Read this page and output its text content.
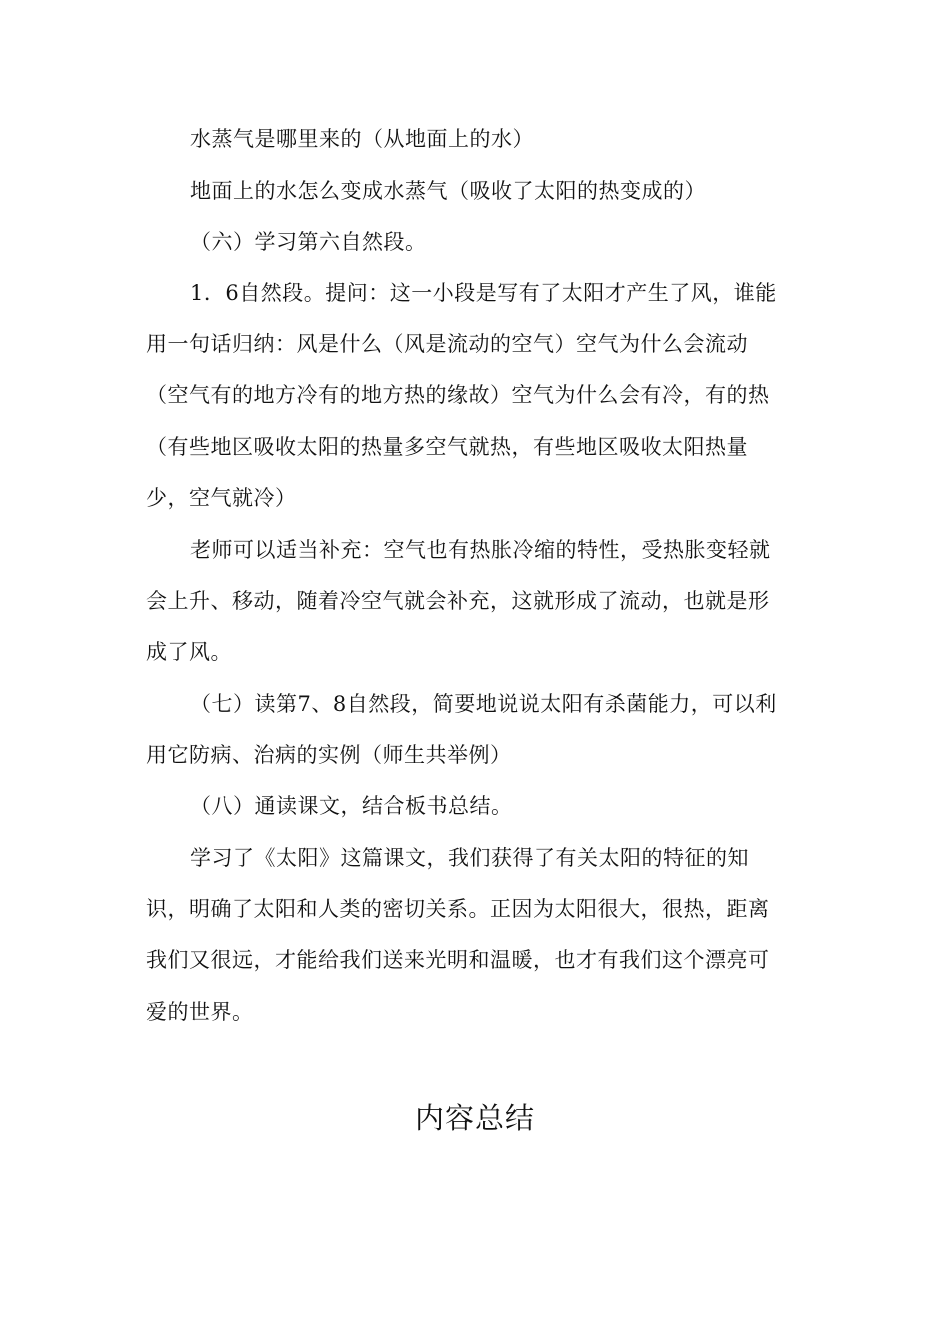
水蒸气是哪里来的（从地面上的水）
地面上的水怎么变成水蒸气（吸收了太阳的热变成的）
（六）学习第六自然段。
1．6自然段。提问：这一小段是写有了太阳才产生了风，谁能
用一句话归纳：风是什么（风是流动的空气）空气为什么会流动
（空气有的地方冷有的地方热的缘故）空气为什么会有冷，有的热
（有些地区吸收太阳的热量多空气就热，有些地区吸收太阳热量
少，空气就冷）
老师可以适当补充：空气也有热胀冷缩的特性，受热胀变轻就
会上升、移动，随着冷空气就会补充，这就形成了流动，也就是形
成了风。
（七）读第7、8自然段，简要地说说太阳有杀菌能力，可以利
用它防病、治病的实例（师生共举例）
（八）通读课文，结合板书总结。
学习了《太阳》这篇课文，我们获得了有关太阳的特征的知
识，明确了太阳和人类的密切关系。正因为太阳很大，很热，距离
我们又很远，才能给我们送来光明和温暖，也才有我们这个漂亮可
爱的世界。
内容总结
